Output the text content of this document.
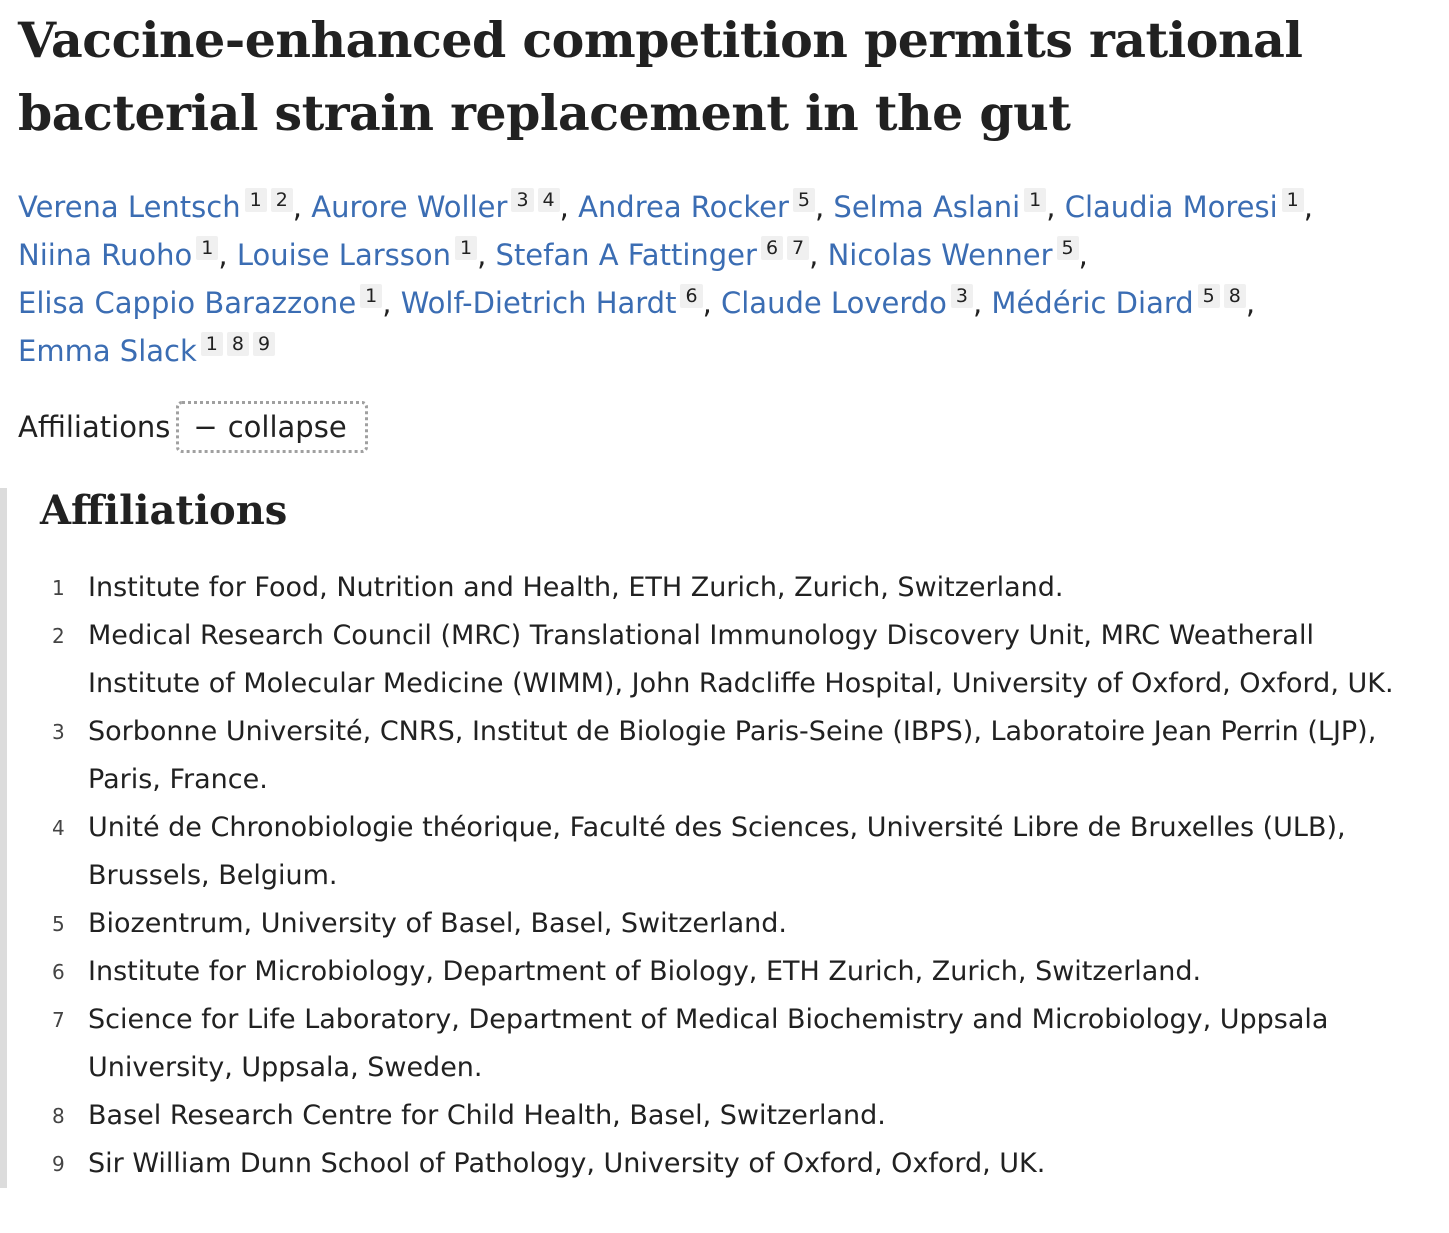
Vaccine-enhanced competition permits rational bacterial strain replacement in the gut
Verena Lentsch 1 2 , Aurore Woller 3 4 , Andrea Rocker 5 , Selma Aslani 1 , Claudia Moresi 1 , Niina Ruoho 1 , Louise Larsson 1 , Stefan A Fattinger 6 7 , Nicolas Wenner 5 , Elisa Cappio Barazzone 1 , Wolf-Dietrich Hardt 6 , Claude Loverdo 3 , Médéric Diard 5 8 , Emma Slack 1 8 9
Affiliations − collapse
Affiliations
1 Institute for Food, Nutrition and Health, ETH Zurich, Zurich, Switzerland.
2 Medical Research Council (MRC) Translational Immunology Discovery Unit, MRC Weatherall Institute of Molecular Medicine (WIMM), John Radcliffe Hospital, University of Oxford, Oxford, UK.
3 Sorbonne Université, CNRS, Institut de Biologie Paris-Seine (IBPS), Laboratoire Jean Perrin (LJP), Paris, France.
4 Unité de Chronobiologie théorique, Faculté des Sciences, Université Libre de Bruxelles (ULB), Brussels, Belgium.
5 Biozentrum, University of Basel, Basel, Switzerland.
6 Institute for Microbiology, Department of Biology, ETH Zurich, Zurich, Switzerland.
7 Science for Life Laboratory, Department of Medical Biochemistry and Microbiology, Uppsala University, Uppsala, Sweden.
8 Basel Research Centre for Child Health, Basel, Switzerland.
9 Sir William Dunn School of Pathology, University of Oxford, Oxford, UK.
